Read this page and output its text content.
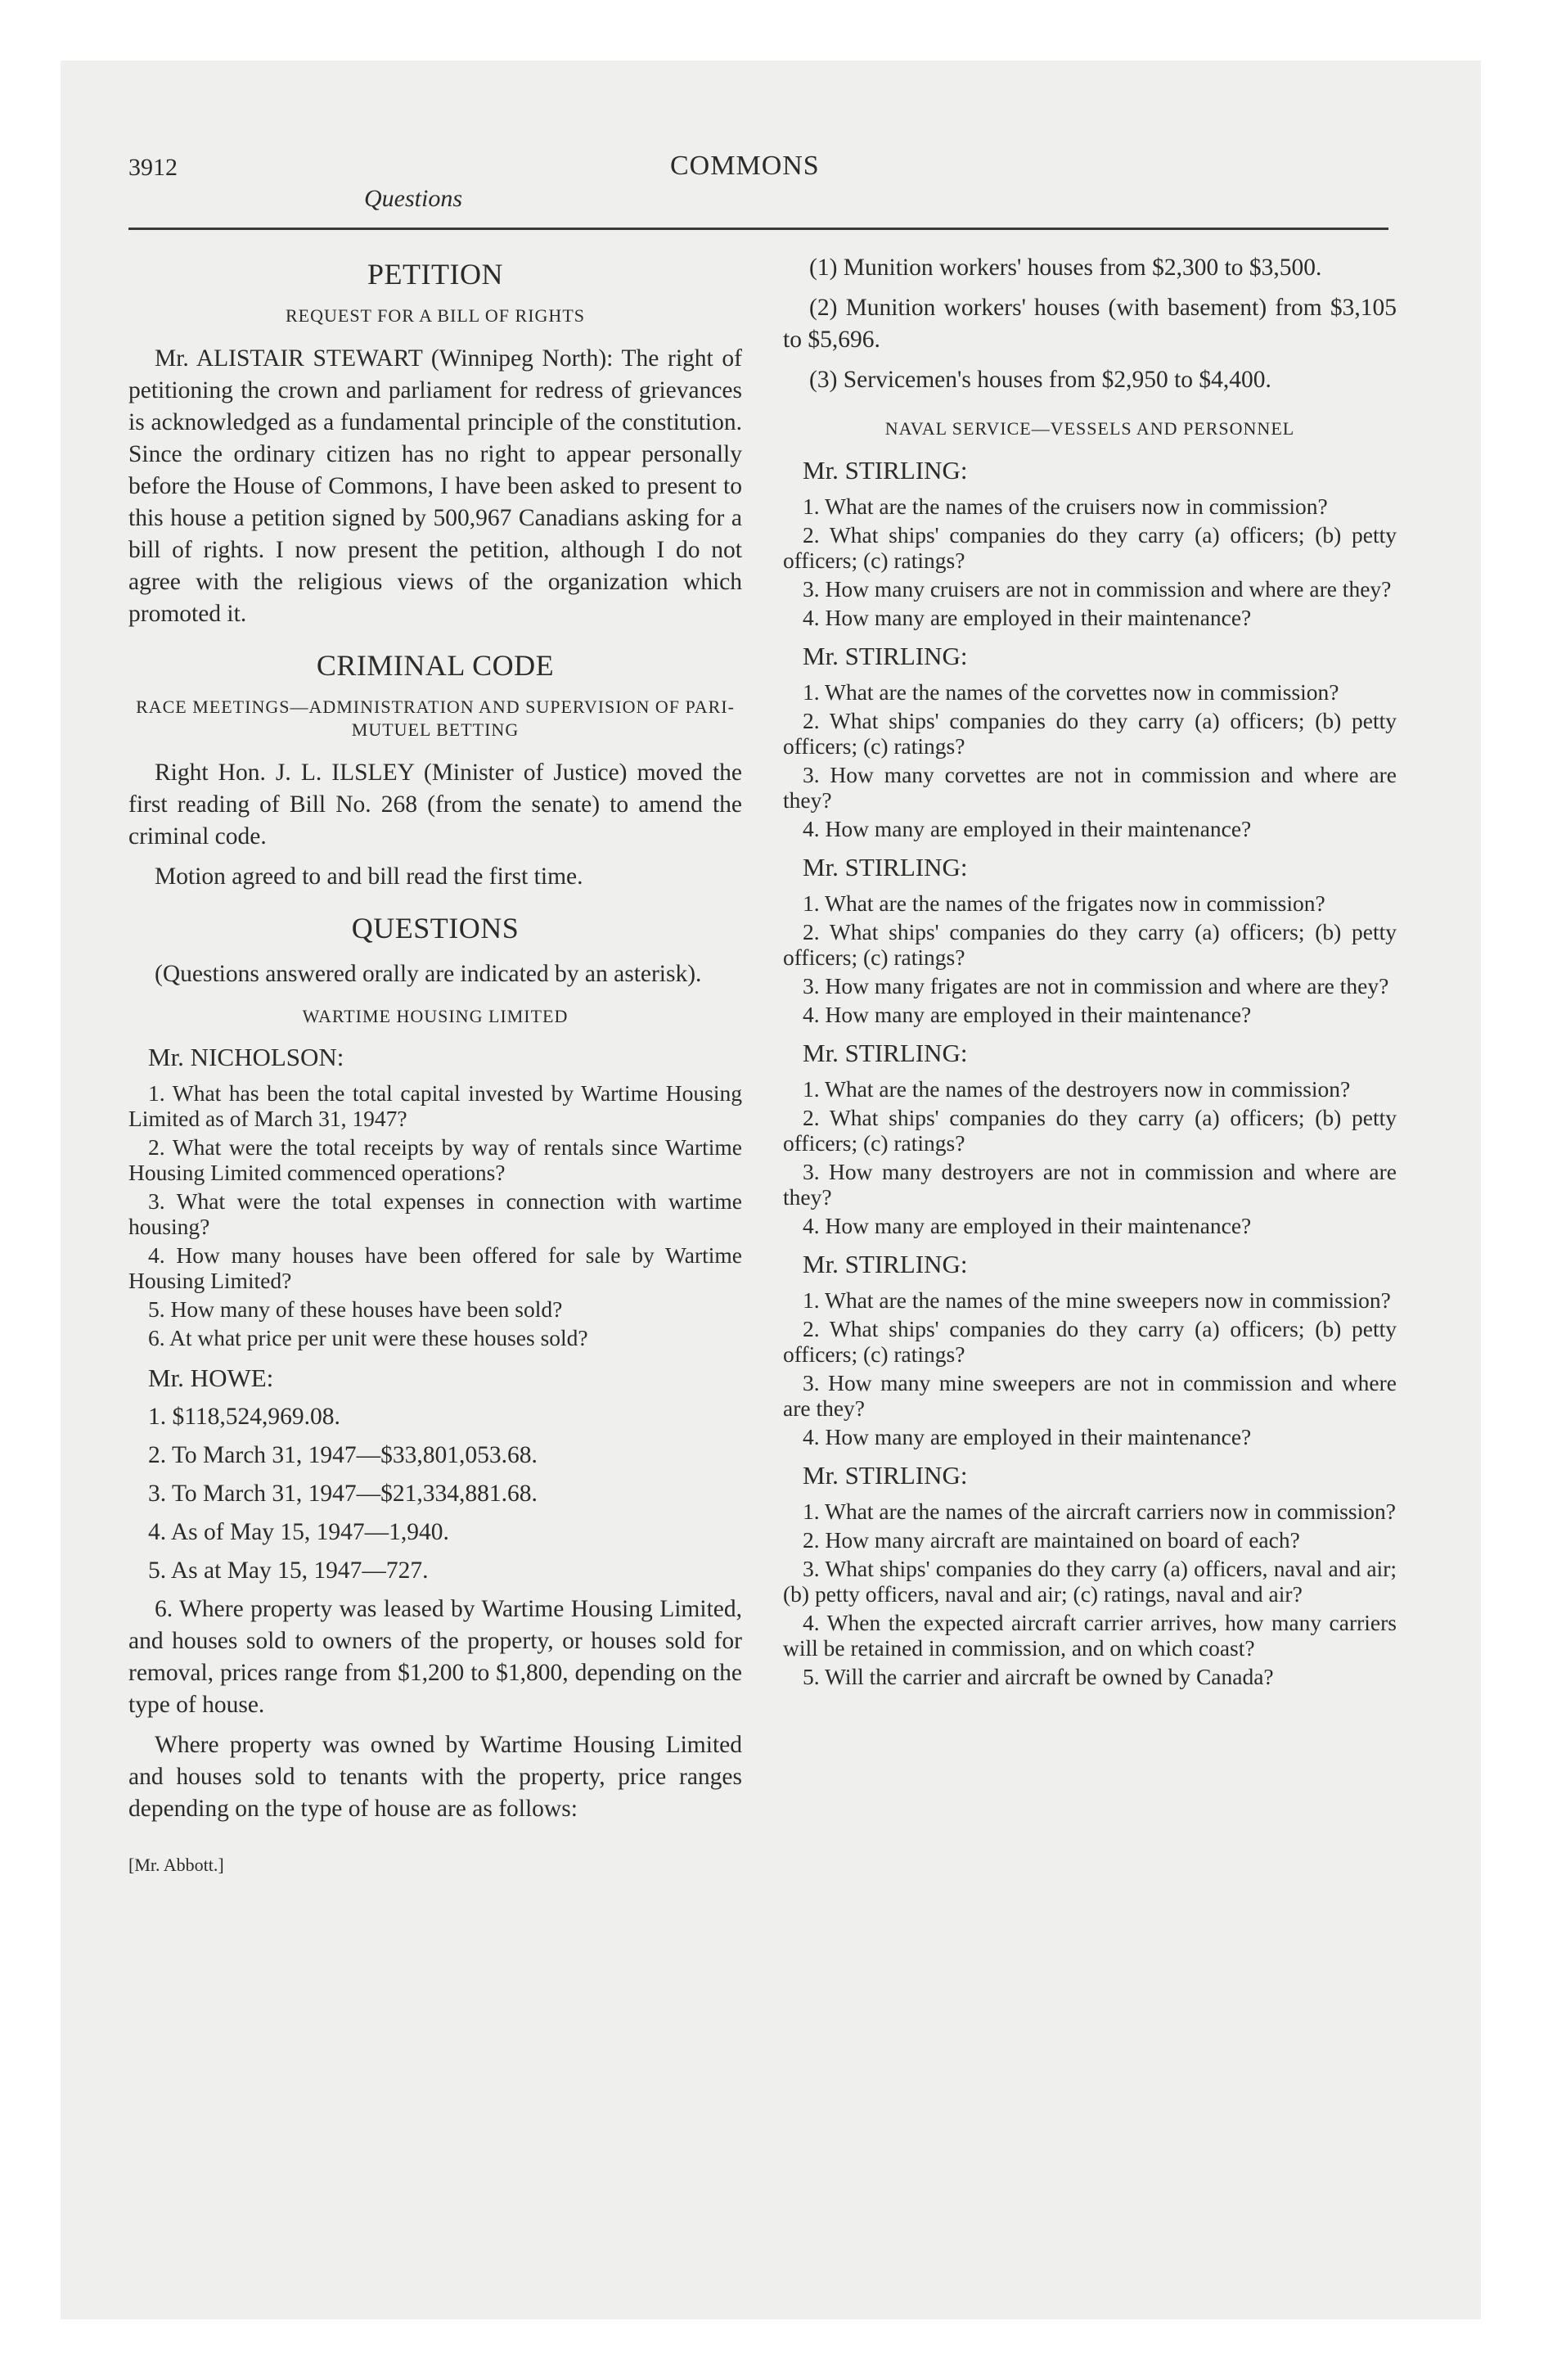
3912	COMMONS
Questions
PETITION
REQUEST FOR A BILL OF RIGHTS

Mr. ALISTAIR STEWART (Winnipeg North): The right of petitioning the crown and parliament for redress of grievances is acknowledged as a fundamental principle of the constitution. Since the ordinary citizen has no right to appear personally before the House of Commons, I have been asked to present to this house a petition signed by 500,967 Canadians asking for a bill of rights. I now present the petition, although I do not agree with the religious views of the organization which promoted it.

CRIMINAL CODE
RACE MEETINGS—ADMINISTRATION AND SUPERVISION OF PARI-MUTUEL BETTING

Right Hon. J. L. ILSLEY (Minister of Justice) moved the first reading of Bill No. 268 (from the senate) to amend the criminal code.

Motion agreed to and bill read the first time.

QUESTIONS

(Questions answered orally are indicated by an asterisk).

WARTIME HOUSING LIMITED
Mr. NICHOLSON:

1. What has been the total capital invested by Wartime Housing Limited as of March 31, 1947?

2. What were the total receipts by way of rentals since Wartime Housing Limited commenced operations?

3. What were the total expenses in connection with wartime housing?

4. How many houses have been offered for sale by Wartime Housing Limited?

5. How many of these houses have been sold?

6. At what price per unit were these houses sold?

Mr. HOWE:
1. $118,524,969.08.
2. To March 31, 1947—$33,801,053.68.
3. To March 31, 1947—$21,334,881.68.
4. As of May 15, 1947—1,940.
5. As at May 15, 1947—727.

6. Where property was leased by Wartime Housing Limited, and houses sold to owners of the property, or houses sold for removal, prices range from $1,200 to $1,800, depending on the type of house.

Where property was owned by Wartime Housing Limited and houses sold to tenants with the property, price ranges depending on the type of house are as follows:

[Mr. Abbott.]

(1) Munition workers' houses from $2,300 to $3,500.

(2) Munition workers' houses (with basement) from $3,105 to $5,696.

(3) Servicemen's houses from $2,950 to $4,400.

NAVAL SERVICE—VESSELS AND PERSONNEL
Mr. STIRLING:

1. What are the names of the cruisers now in commission?

2. What ships' companies do they carry (a) officers; (b) petty officers; (c) ratings?

3. How many cruisers are not in commission and where are they?

4. How many are employed in their maintenance?

Mr. STIRLING:

1. What are the names of the corvettes now in commission?

2. What ships' companies do they carry (a) officers; (b) petty officers; (c) ratings?

3. How many corvettes are not in commission and where are they?

4. How many are employed in their maintenance?

Mr. STIRLING:

1. What are the names of the frigates now in commission?

2. What ships' companies do they carry (a) officers; (b) petty officers; (c) ratings?

3. How many frigates are not in commission and where are they?

4. How many are employed in their maintenance?

Mr. STIRLING:

1. What are the names of the destroyers now in commission?

2. What ships' companies do they carry (a) officers; (b) petty officers; (c) ratings?

3. How many destroyers are not in commission and where are they?

4. How many are employed in their maintenance?

Mr. STIRLING:

1. What are the names of the mine sweepers now in commission?

2. What ships' companies do they carry (a) officers; (b) petty officers; (c) ratings?

3. How many mine sweepers are not in commission and where are they?

4. How many are employed in their maintenance?

Mr. STIRLING:

1. What are the names of the aircraft carriers now in commission?

2. How many aircraft are maintained on board of each?

3. What ships' companies do they carry (a) officers, naval and air; (b) petty officers, naval and air; (c) ratings, naval and air?

4. When the expected aircraft carrier arrives, how many carriers will be retained in commission, and on which coast?

5. Will the carrier and aircraft be owned by Canada?
